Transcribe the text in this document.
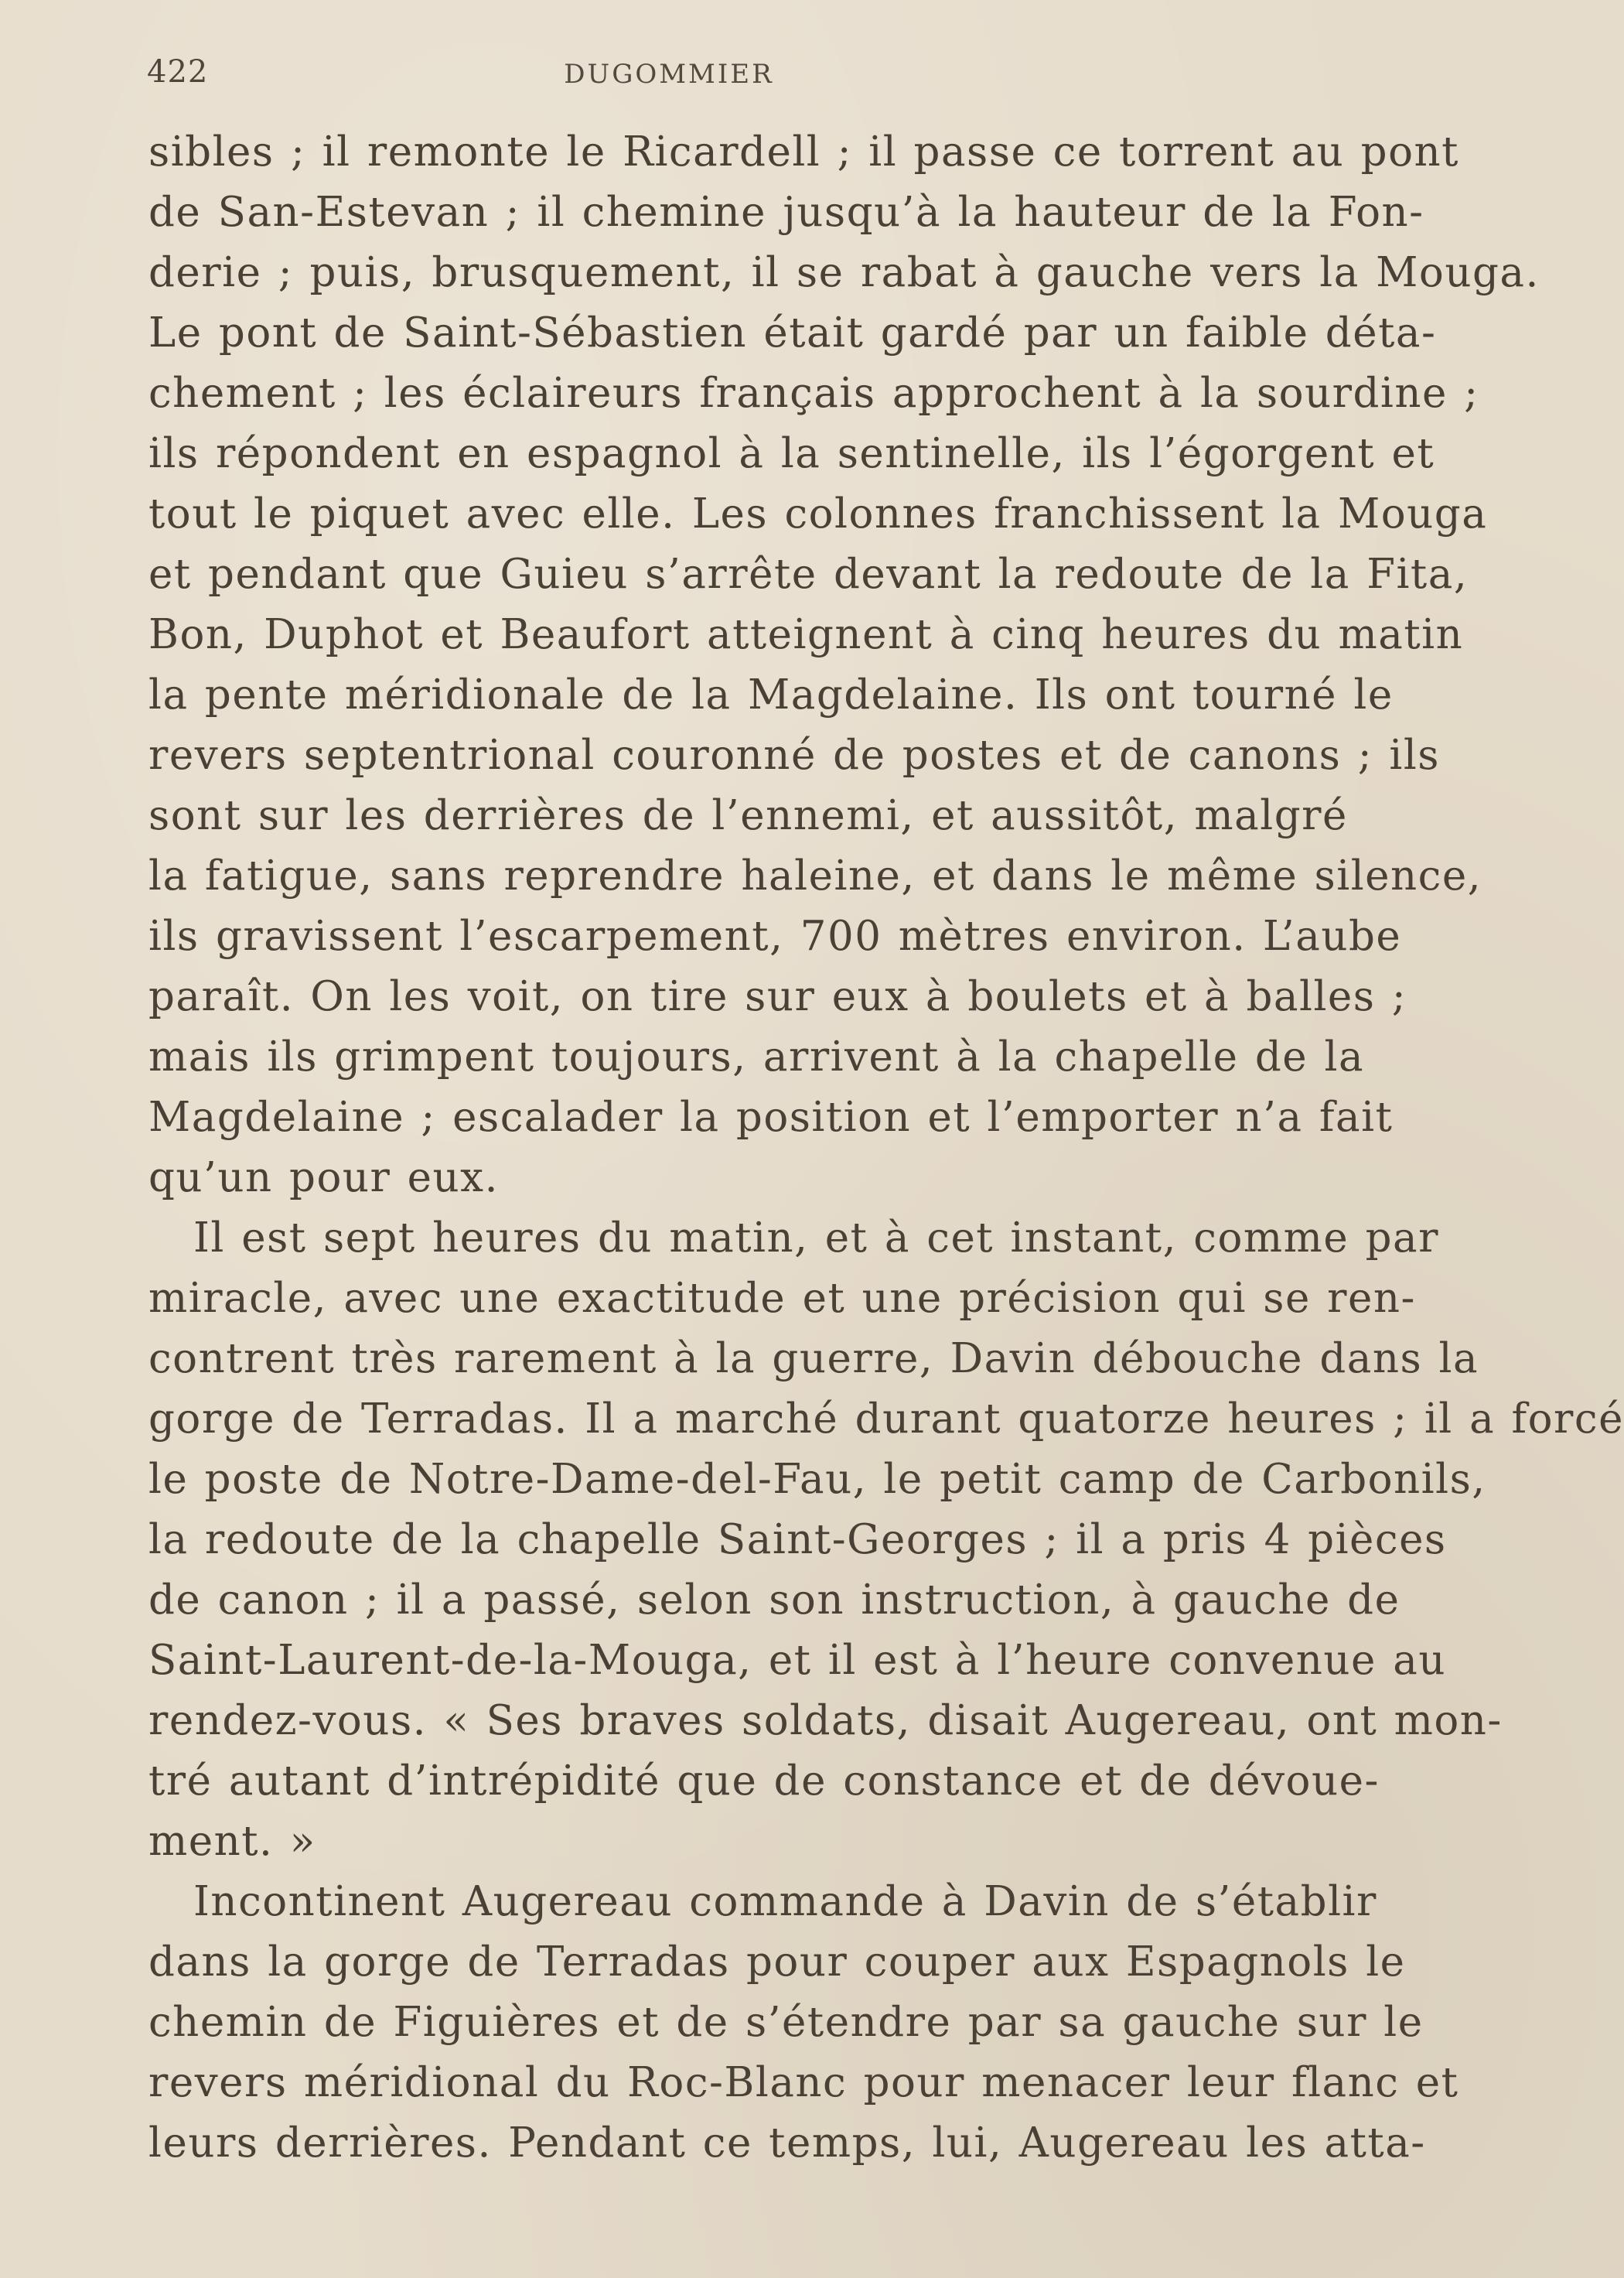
422	DUGOMMIER
sibles ; il remonte le Ricardell ; il passe ce torrent au pont
de San-Estevan ; il chemine jusqu’à la hauteur de la Fon-
derie ; puis, brusquement, il se rabat à gauche vers la Mouga.
Le pont de Saint-Sébastien était gardé par un faible déta-
chement ; les éclaireurs français approchent à la sourdine ;
ils répondent en espagnol à la sentinelle, ils l’égorgent et
tout le piquet avec elle. Les colonnes franchissent la Mouga
et pendant que Guieu s’arrête devant la redoute de la Fita,
Bon, Duphot et Beaufort atteignent à cinq heures du matin
la pente méridionale de la Magdelaine. Ils ont tourné le
revers septentrional couronné de postes et de canons ; ils
sont sur les derrières de l’ennemi, et aussitôt, malgré
la fatigue, sans reprendre haleine, et dans le même silence,
ils gravissent l’escarpement, 700 mètres environ. L’aube
paraît. On les voit, on tire sur eux à boulets et à balles ;
mais ils grimpent toujours, arrivent à la chapelle de la
Magdelaine ; escalader la position et l’emporter n’a fait
qu’un pour eux.
Il est sept heures du matin, et à cet instant, comme par
miracle, avec une exactitude et une précision qui se ren-
contrent très rarement à la guerre, Davin débouche dans la
gorge de Terradas. Il a marché durant quatorze heures ; il a forcé
le poste de Notre-Dame-del-Fau, le petit camp de Carbonils,
la redoute de la chapelle Saint-Georges ; il a pris 4 pièces
de canon ; il a passé, selon son instruction, à gauche de
Saint-Laurent-de-la-Mouga, et il est à l’heure convenue au
rendez-vous. « Ses braves soldats, disait Augereau, ont mon-
tré autant d’intrépidité que de constance et de dévoue-
ment. »
Incontinent Augereau commande à Davin de s’établir
dans la gorge de Terradas pour couper aux Espagnols le
chemin de Figuières et de s’étendre par sa gauche sur le
revers méridional du Roc-Blanc pour menacer leur flanc et
leurs derrières. Pendant ce temps, lui, Augereau les atta-
